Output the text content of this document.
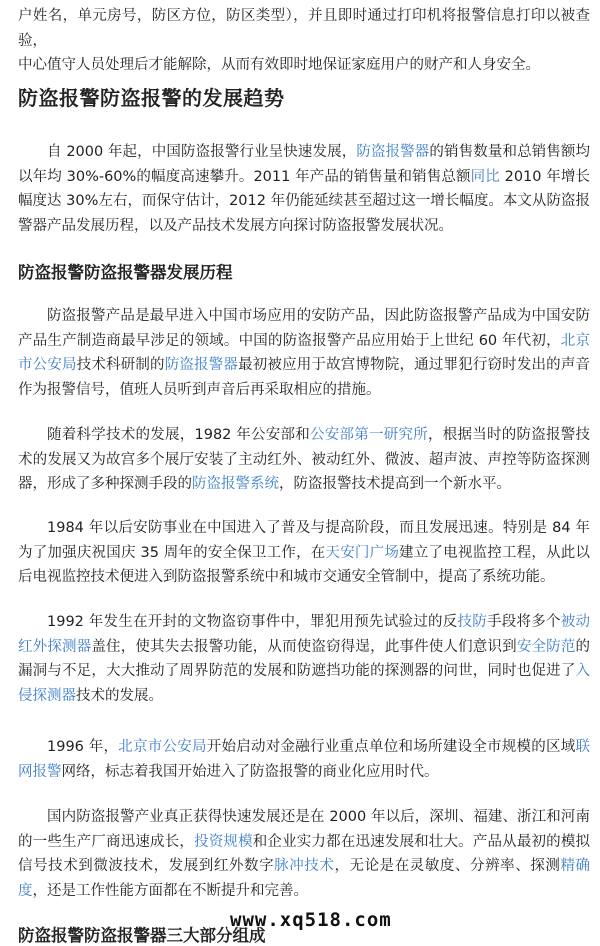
户姓名，单元房号，防区方位，防区类型），并且即时通过打印机将报警信息打印以被查验，
中心值守人员处理后才能解除，从而有效即时地保证家庭用户的财产和人身安全。

防盗报警防盗报警的发展趋势

自 2000 年起，中国防盗报警行业呈快速发展，防盗报警器的销售数量和总销售额均以年均 30%-60%的幅度高速攀升。2011 年产品的销售量和销售总额同比 2010 年增长幅度达 30%左右，而保守估计，2012 年仍能延续甚至超过这一增长幅度。本文从防盗报警器产品发展历程，以及产品技术发展方向探讨防盗报警发展状况。

防盗报警防盗报警器发展历程

防盗报警产品是最早进入中国市场应用的安防产品，因此防盗报警产品成为中国安防产品生产制造商最早涉足的领域。中国的防盗报警产品应用始于上世纪 60 年代初，北京市公安局技术科研制的防盗报警器最初被应用于故宫博物院，通过罪犯行窃时发出的声音作为报警信号，值班人员听到声音后再采取相应的措施。

随着科学技术的发展，1982 年公安部和公安部第一研究所，根据当时的防盗报警技术的发展又为故宫多个展厅安装了主动红外、被动红外、微波、超声波、声控等防盗探测器，形成了多种探测手段的防盗报警系统，防盗报警技术提高到一个新水平。

1984 年以后安防事业在中国进入了普及与提高阶段，而且发展迅速。特别是 84 年为了加强庆祝国庆 35 周年的安全保卫工作，在天安门广场建立了电视监控工程，从此以后电视监控技术便进入到防盗报警系统中和城市交通安全管制中，提高了系统功能。

1992 年发生在开封的文物盗窃事件中，罪犯用预先试验过的反技防手段将多个被动红外探测器盖住，使其失去报警功能，从而使盗窃得逞，此事件使人们意识到安全防范的漏洞与不足，大大推动了周界防范的发展和防遮挡功能的探测器的问世，同时也促进了入侵探测器技术的发展。

1996 年，北京市公安局开始启动对金融行业重点单位和场所建设全市规模的区域联网报警网络，标志着我国开始进入了防盗报警的商业化应用时代。

国内防盗报警产业真正获得快速发展还是在 2000 年以后，深圳、福建、浙江和河南的一些生产厂商迅速成长，投资规模和企业实力都在迅速发展和壮大。产品从最初的模拟信号技术到微波技术，发展到红外数字脉冲技术，无论是在灵敏度、分辨率、探测精确度，还是工作性能方面都在不断提升和完善。

防盗报警防盗报警器三大部分组成
www.xq518.com
